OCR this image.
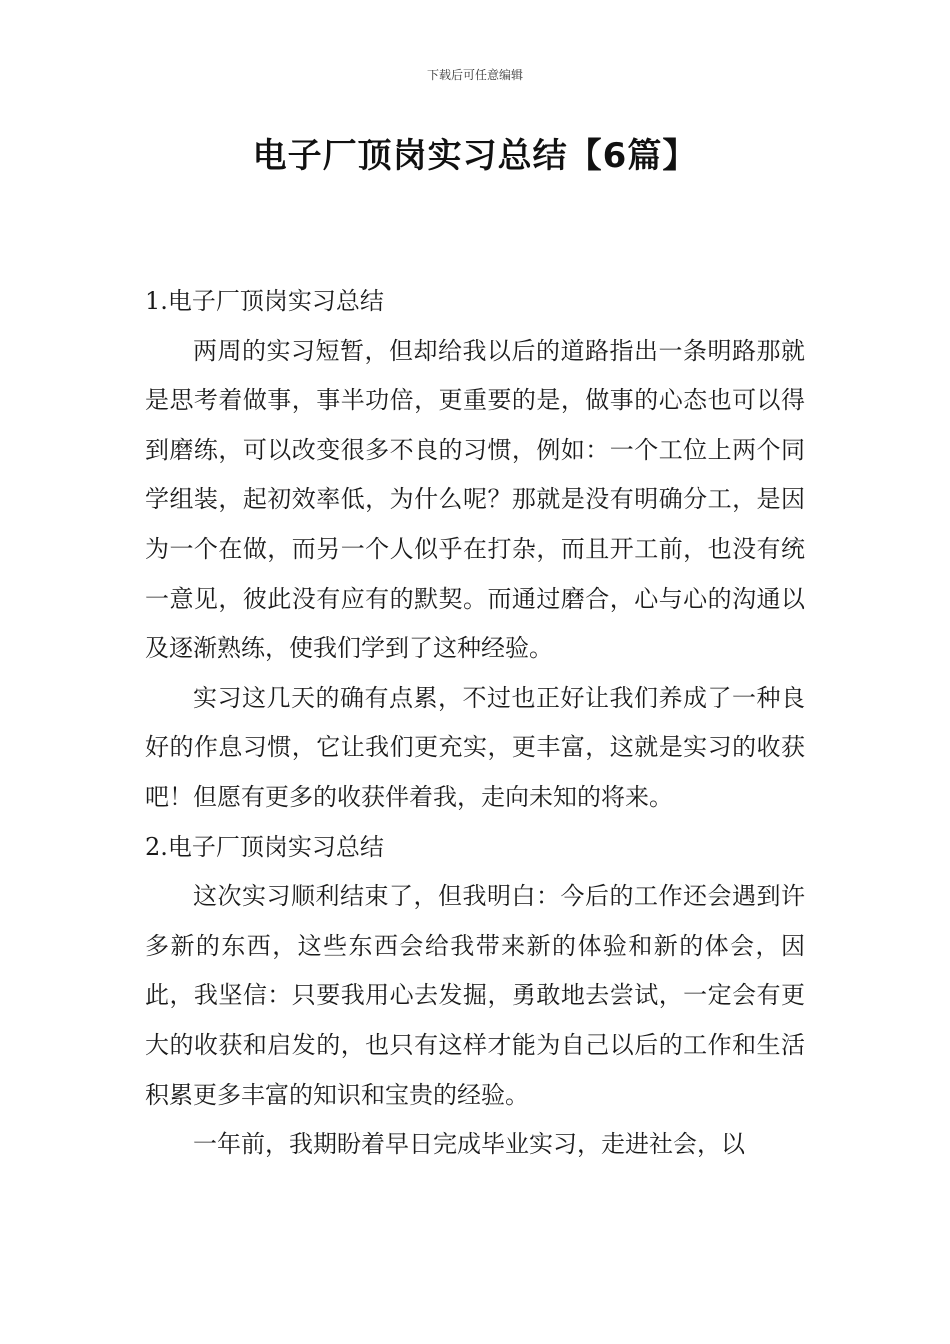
下载后可任意编辑
电子厂顶岗实习总结【6篇】

1.电子厂顶岗实习总结

两周的实习短暂，但却给我以后的道路指出一条明路那就是思考着做事，事半功倍，更重要的是，做事的心态也可以得到磨练，可以改变很多不良的习惯，例如：一个工位上两个同学组装，起初效率低，为什么呢？那就是没有明确分工，是因为一个在做，而另一个人似乎在打杂，而且开工前，也没有统一意见，彼此没有应有的默契。而通过磨合，心与心的沟通以及逐渐熟练，使我们学到了这种经验。

实习这几天的确有点累，不过也正好让我们养成了一种良好的作息习惯，它让我们更充实，更丰富，这就是实习的收获吧！但愿有更多的收获伴着我，走向未知的将来。

2.电子厂顶岗实习总结

这次实习顺利结束了，但我明白：今后的工作还会遇到许多新的东西，这些东西会给我带来新的体验和新的体会，因此，我坚信：只要我用心去发掘，勇敢地去尝试，一定会有更大的收获和启发的，也只有这样才能为自己以后的工作和生活积累更多丰富的知识和宝贵的经验。

一年前，我期盼着早日完成毕业实习，走进社会，以
